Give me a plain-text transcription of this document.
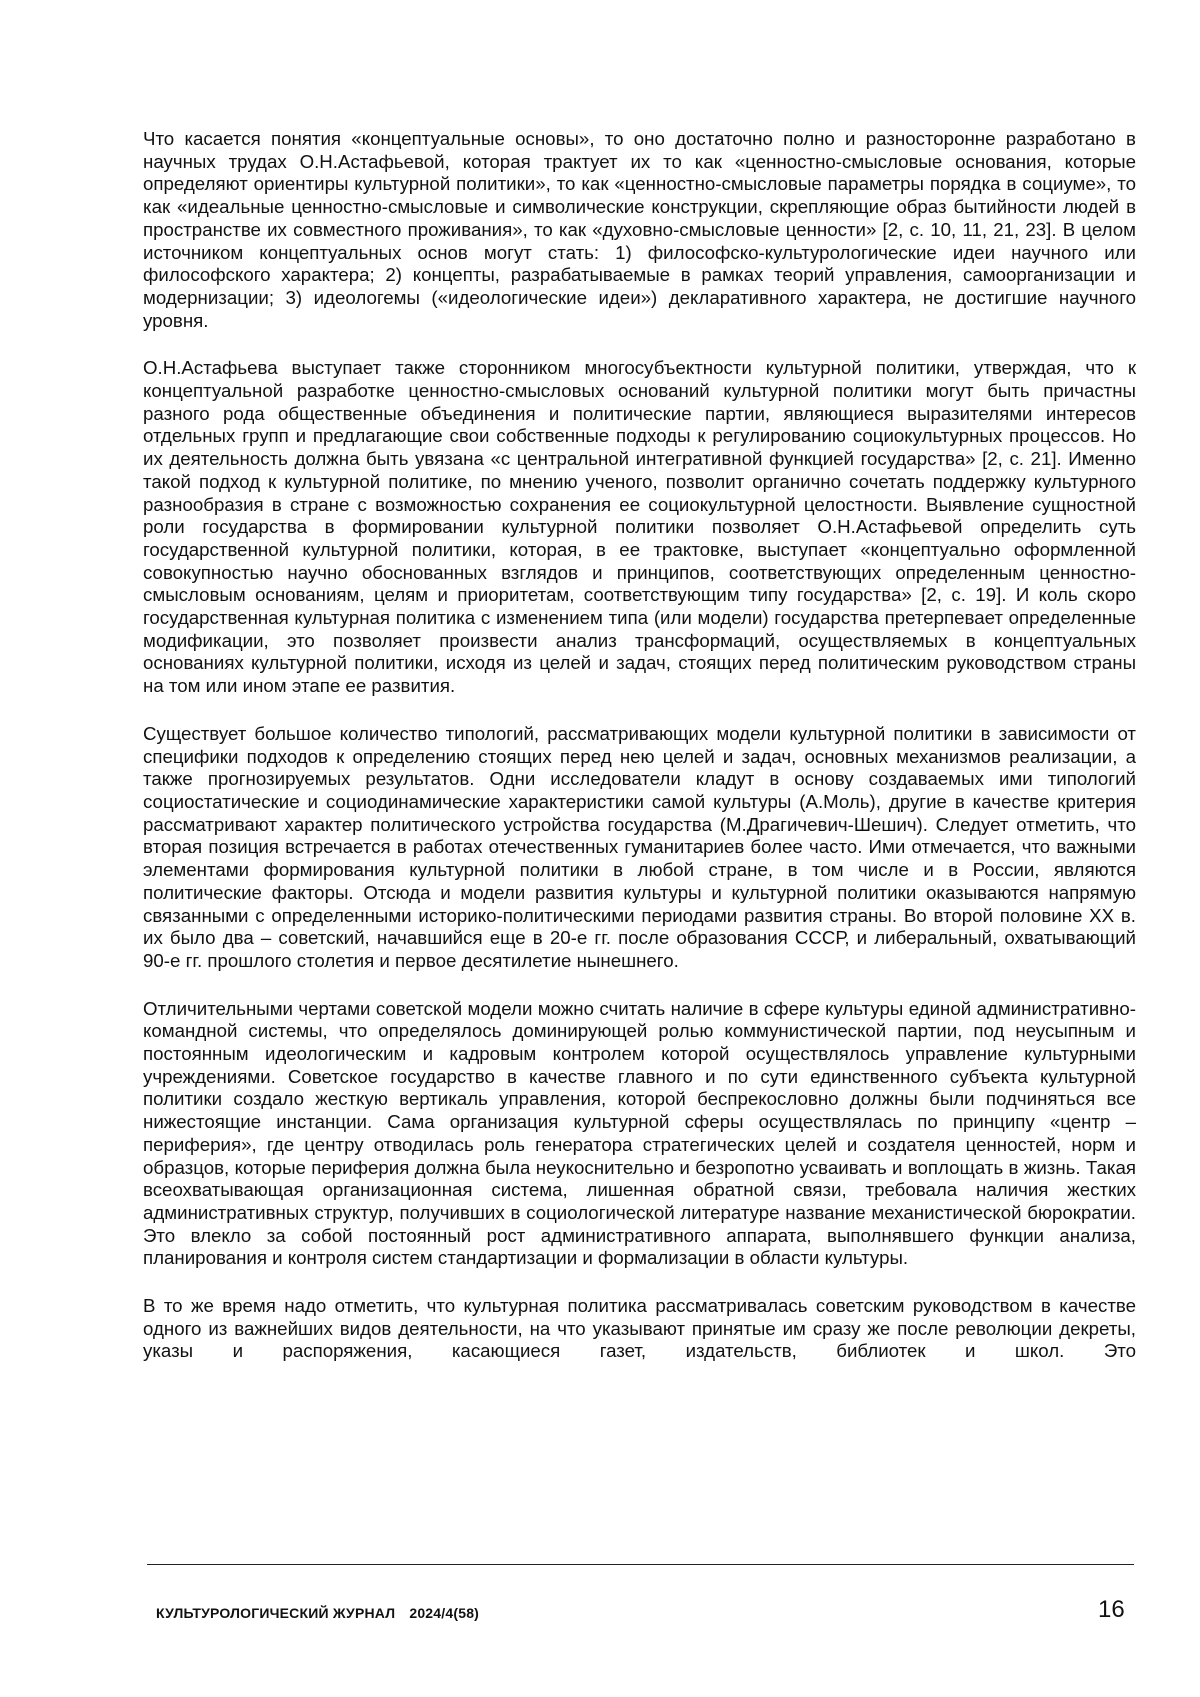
Что касается понятия «концептуальные основы», то оно достаточно полно и разносторонне разработано в научных трудах О.Н.Астафьевой, которая трактует их то как «ценностно-смысловые основания, которые определяют ориентиры культурной политики», то как «ценностно-смысловые параметры порядка в социуме», то как «идеальные ценностно-смысловые и символические конструкции, скрепляющие образ бытийности людей в пространстве их совместного проживания», то как «духовно-смысловые ценности» [2, с. 10, 11, 21, 23]. В целом источником концептуальных основ могут стать: 1) философско-культурологические идеи научного или философского характера; 2) концепты, разрабатываемые в рамках теорий управления, самоорганизации и модернизации; 3) идеологемы («идеологические идеи») декларативного характера, не достигшие научного уровня.

О.Н.Астафьева выступает также сторонником многосубъектности культурной политики, утверждая, что к концептуальной разработке ценностно-смысловых оснований культурной политики могут быть причастны разного рода общественные объединения и политические партии, являющиеся выразителями интересов отдельных групп и предлагающие свои собственные подходы к регулированию социокультурных процессов. Но их деятельность должна быть увязана «с центральной интегративной функцией государства» [2, с. 21]. Именно такой подход к культурной политике, по мнению ученого, позволит органично сочетать поддержку культурного разнообразия в стране с возможностью сохранения ее социокультурной целостности. Выявление сущностной роли государства в формировании культурной политики позволяет О.Н.Астафьевой определить суть государственной культурной политики, которая, в ее трактовке, выступает «концептуально оформленной совокупностью научно обоснованных взглядов и принципов, соответствующих определенным ценностно-смысловым основаниям, целям и приоритетам, соответствующим типу государства» [2, с. 19]. И коль скоро государственная культурная политика с изменением типа (или модели) государства претерпевает определенные модификации, это позволяет произвести анализ трансформаций, осуществляемых в концептуальных основаниях культурной политики, исходя из целей и задач, стоящих перед политическим руководством страны на том или ином этапе ее развития.

Существует большое количество типологий, рассматривающих модели культурной политики в зависимости от специфики подходов к определению стоящих перед нею целей и задач, основных механизмов реализации, а также прогнозируемых результатов. Одни исследователи кладут в основу создаваемых ими типологий социостатические и социодинамические характеристики самой культуры (А.Моль), другие в качестве критерия рассматривают характер политического устройства государства (М.Драгичевич-Шешич). Следует отметить, что вторая позиция встречается в работах отечественных гуманитариев более часто. Ими отмечается, что важными элементами формирования культурной политики в любой стране, в том числе и в России, являются политические факторы. Отсюда и модели развития культуры и культурной политики оказываются напрямую связанными с определенными историко-политическими периодами развития страны. Во второй половине XX в. их было два – советский, начавшийся еще в 20-е гг. после образования СССР, и либеральный, охватывающий 90-е гг. прошлого столетия и первое десятилетие нынешнего.

Отличительными чертами советской модели можно считать наличие в сфере культуры единой административно-командной системы, что определялось доминирующей ролью коммунистической партии, под неусыпным и постоянным идеологическим и кадровым контролем которой осуществлялось управление культурными учреждениями. Советское государство в качестве главного и по сути единственного субъекта культурной политики создало жесткую вертикаль управления, которой беспрекословно должны были подчиняться все нижестоящие инстанции. Сама организация культурной сферы осуществлялась по принципу «центр – периферия», где центру отводилась роль генератора стратегических целей и создателя ценностей, норм и образцов, которые периферия должна была неукоснительно и безропотно усваивать и воплощать в жизнь. Такая всеохватывающая организационная система, лишенная обратной связи, требовала наличия жестких административных структур, получивших в социологической литературе название механистической бюрократии. Это влекло за собой постоянный рост административного аппарата, выполнявшего функции анализа, планирования и контроля систем стандартизации и формализации в области культуры.

В то же время надо отметить, что культурная политика рассматривалась советским руководством в качестве одного из важнейших видов деятельности, на что указывают принятые им сразу же после революции декреты, указы и распоряжения, касающиеся газет, издательств, библиотек и школ. Это

КУЛЬТУРОЛОГИЧЕСКИЙ ЖУРНАЛ 2024/4(58)	16
